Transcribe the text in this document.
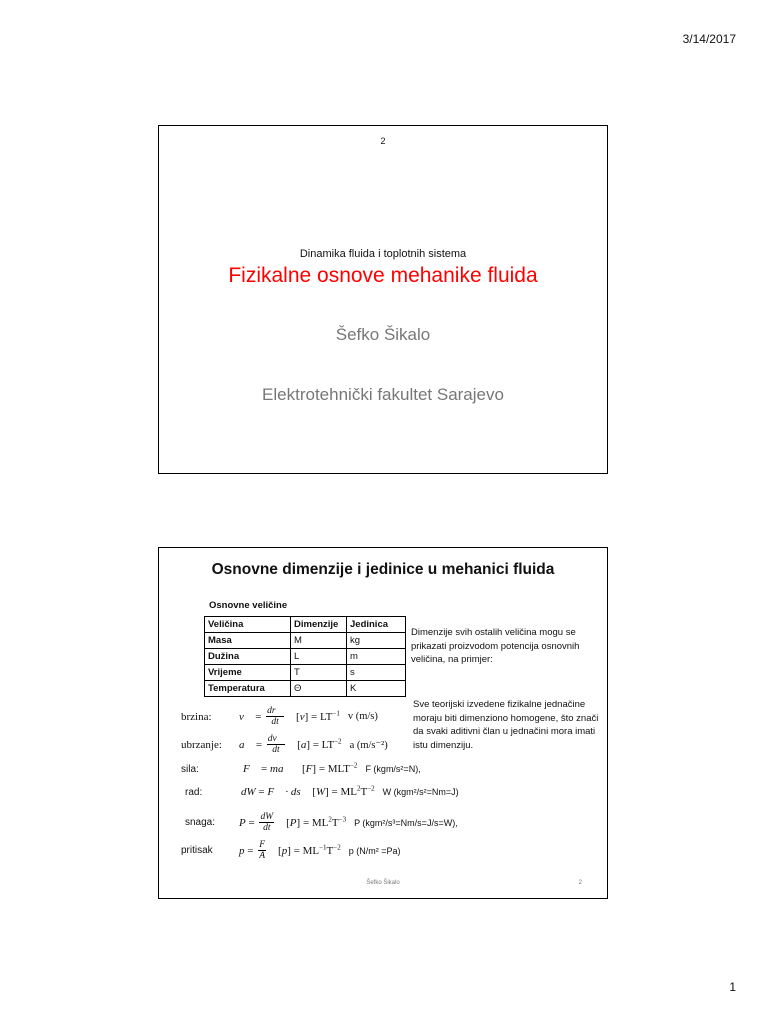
3/14/2017
2
Dinamika fluida i toplotnih sistema
Fizikalne osnove mehanike fluida
Šefko Šikalo
Elektrotehnički fakultet Sarajevo
Osnovne dimenzije i jedinice u mehanici fluida
Osnovne veličine
Veličina	Dimenzije	Jedinica
Masa	M	kg
Dužina	L	m
Vrijeme	T	s
Temperatura	Θ	K
Dimenzije svih ostalih veličina mogu se prikazati proizvodom potencija osnovnih veličina, na primjer:
Sve teorijski izvedene fizikalne jednačine moraju biti dimenziono homogene, što znači da svaki aditivni član u jednačini mora imati istu dimenziju.
brzina:	v⃗ = $\frac{dr⃗}{dt} [v] = LT^{-1}$ v (m/s)
ubrzanje:	a⃗ = $\frac{dv⃗}{dt} [a] = LT^{-2}$ a (m/s⁻²)
sila:	F⃗ = ma⃗ $[F] = MLT^{-2}$ F (kgm/s²=N),
rad:	dW = F⃗ · ds⃗ $[W] = ML^2T^{-2}$ W (kgm²/s²=Nm=J)
snaga:	$P = \frac{dW}{dt} [P] = ML^2T^{-3}$ P (kgm²/s³=Nm/s=J/s=W),
pritisak	$p = \frac{F}{A} [p] = ML^{-1}T^{-2}$ p (N/m² =Pa)
Šefko Šikalo	2
1
